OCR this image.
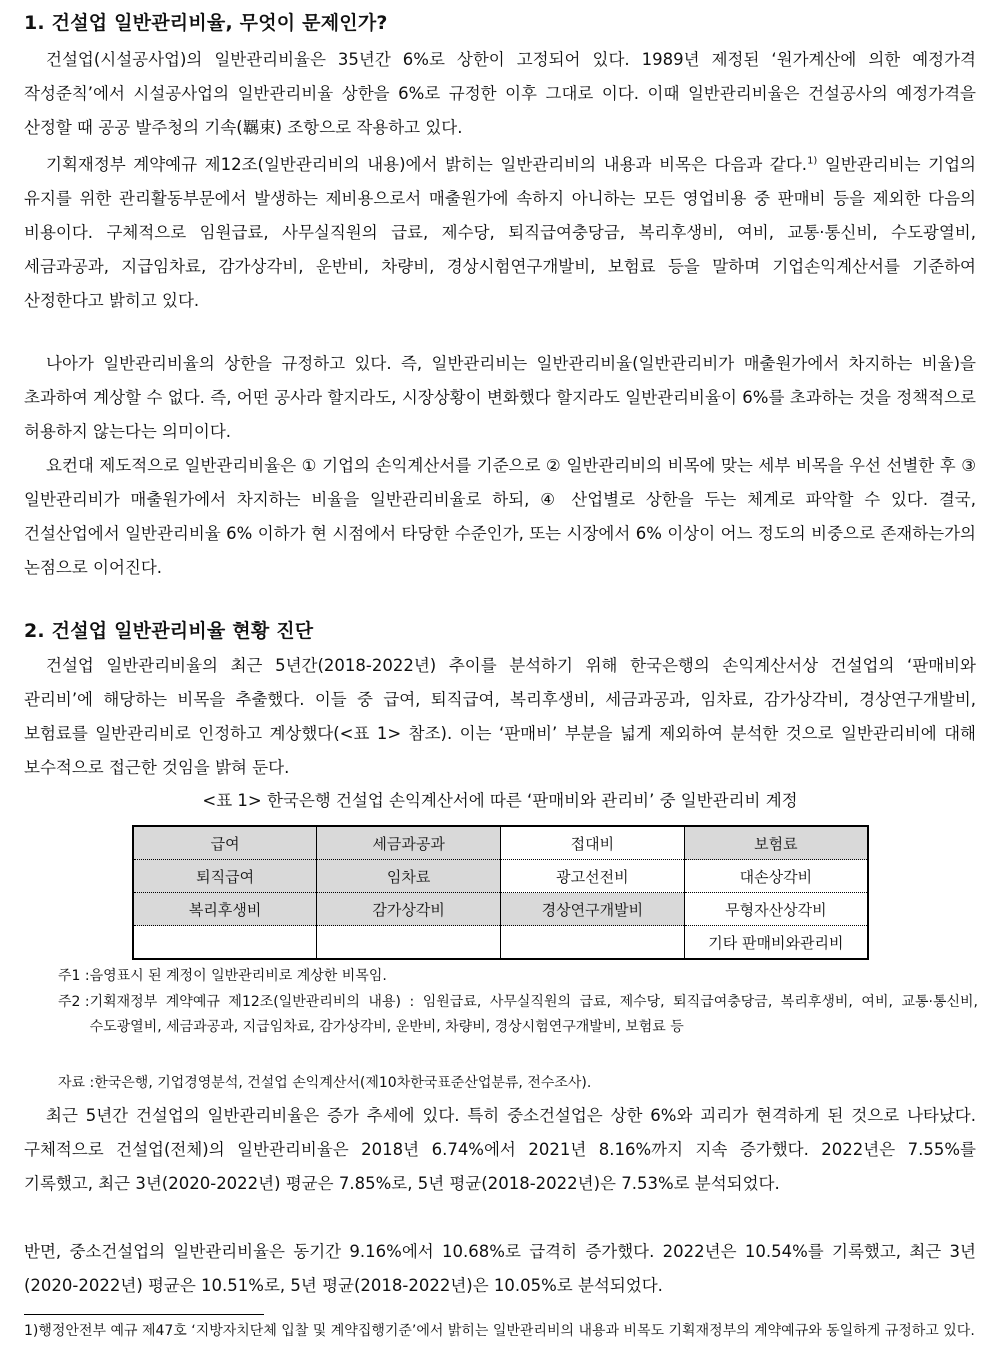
1. 건설업 일반관리비율, 무엇이 문제인가?

건설업(시설공사업)의 일반관리비율은 35년간 6%로 상한이 고정되어 있다. 1989년 제정된 ‘원가계산에 의한 예정가격 작성준칙’에서 시설공사업의 일반관리비율 상한을 6%로 규정한 이후 그대로 이다. 이때 일반관리비율은 건설공사의 예정가격을 산정할 때 공공 발주청의 기속(羈束) 조항으로 작용하고 있다.

기획재정부 계약예규 제12조(일반관리비의 내용)에서 밝히는 일반관리비의 내용과 비목은 다음과 같다.$^{1)}$ 일반관리비는 기업의 유지를 위한 관리활동부문에서 발생하는 제비용으로서 매출원가에 속하지 아니하는 모든 영업비용 중 판매비 등을 제외한 다음의 비용이다. 구체적으로 임원급료, 사무실직원의 급료, 제수당, 퇴직급여충당금, 복리후생비, 여비, 교통·통신비, 수도광열비, 세금과공과, 지급임차료, 감가상각비, 운반비, 차량비, 경상시험연구개발비, 보험료 등을 말하며 기업손익계산서를 기준하여 산정한다고 밝히고 있다.

나아가 일반관리비율의 상한을 규정하고 있다. 즉, 일반관리비는 일반관리비율(일반관리비가 매출원가에서 차지하는 비율)을 초과하여 계상할 수 없다. 즉, 어떤 공사라 할지라도, 시장상황이 변화했다 할지라도 일반관리비율이 6%를 초과하는 것을 정책적으로 허용하지 않는다는 의미이다.

요컨대 제도적으로 일반관리비율은 ① 기업의 손익계산서를 기준으로 ② 일반관리비의 비목에 맞는 세부 비목을 우선 선별한 후 ③ 일반관리비가 매출원가에서 차지하는 비율을 일반관리비율로 하되, ④ 산업별로 상한을 두는 체계로 파악할 수 있다. 결국, 건설산업에서 일반관리비율 6% 이하가 현 시점에서 타당한 수준인가, 또는 시장에서 6% 이상이 어느 정도의 비중으로 존재하는가의 논점으로 이어진다.

2. 건설업 일반관리비율 현황 진단

건설업 일반관리비율의 최근 5년간(2018-2022년) 추이를 분석하기 위해 한국은행의 손익계산서상 건설업의 ‘판매비와 관리비’에 해당하는 비목을 추출했다. 이들 중 급여, 퇴직급여, 복리후생비, 세금과공과, 임차료, 감가상각비, 경상연구개발비, 보험료를 일반관리비로 인정하고 계상했다(<표 1> 참조). 이는 ‘판매비’ 부분을 넓게 제외하여 분석한 것으로 일반관리비에 대해 보수적으로 접근한 것임을 밝혀 둔다.

<표 1> 한국은행 건설업 손익계산서에 따른 ‘판매비와 관리비’ 중 일반관리비 계정

급여	세금과공과	접대비	보험료
퇴직급여	임차료	광고선전비	대손상각비
복리후생비	감가상각비	경상연구개발비	무형자산상각비
			기타 판매비와관리비
주1 : 음영표시 된 계정이 일반관리비로 계상한 비목임.
주2 : 기획재정부 계약예규 제12조(일반관리비의 내용) : 임원급료, 사무실직원의 급료, 제수당, 퇴직급여충당금, 복리후생비, 여비, 교통·통신비, 수도광열비, 세금과공과, 지급임차료, 감가상각비, 운반비, 차량비, 경상시험연구개발비, 보험료 등
자료 : 한국은행, 기업경영분석, 건설업 손익계산서(제10차한국표준산업분류, 전수조사).

최근 5년간 건설업의 일반관리비율은 증가 추세에 있다. 특히 중소건설업은 상한 6%와 괴리가 현격하게 된 것으로 나타났다. 구체적으로 건설업(전체)의 일반관리비율은 2018년 6.74%에서 2021년 8.16%까지 지속 증가했다. 2022년은 7.55%를 기록했고, 최근 3년(2020-2022년) 평균은 7.85%로, 5년 평균(2018-2022년)은 7.53%로 분석되었다.

반면, 중소건설업의 일반관리비율은 동기간 9.16%에서 10.68%로 급격히 증가했다. 2022년은 10.54%를 기록했고, 최근 3년(2020-2022년) 평균은 10.51%로, 5년 평균(2018-2022년)은 10.05%로 분석되었다.

1) 행정안전부 예규 제47호 ‘지방자치단체 입찰 및 계약집행기준’에서 밝히는 일반관리비의 내용과 비목도 기획재정부의 계약예규와 동일하게 규정하고 있다.
